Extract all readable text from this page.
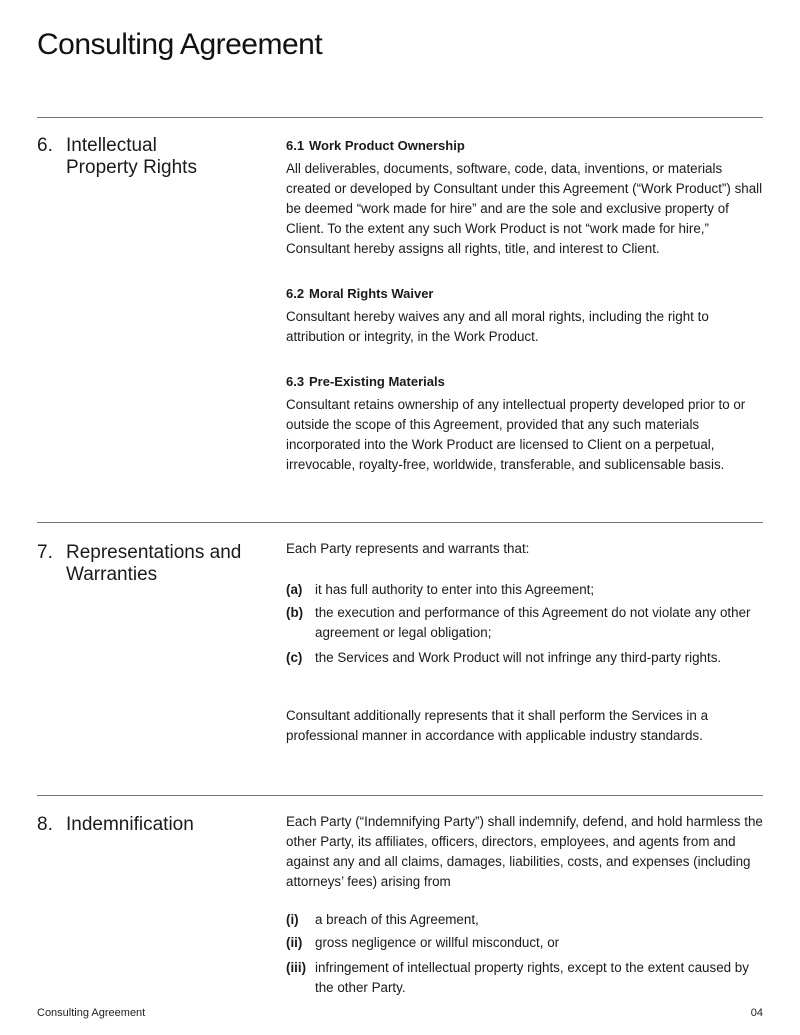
Consulting Agreement
6. Intellectual Property Rights
6.1 Work Product Ownership

All deliverables, documents, software, code, data, inventions, or materials created or developed by Consultant under this Agreement (“Work Product”) shall be deemed “work made for hire” and are the sole and exclusive property of Client. To the extent any such Work Product is not “work made for hire,” Consultant hereby assigns all rights, title, and interest to Client.

6.2 Moral Rights Waiver

Consultant hereby waives any and all moral rights, including the right to attribution or integrity, in the Work Product.

6.3 Pre-Existing Materials

Consultant retains ownership of any intellectual property developed prior to or outside the scope of this Agreement, provided that any such materials incorporated into the Work Product are licensed to Client on a perpetual, irrevocable, royalty-free, worldwide, transferable, and sublicensable basis.

7. Representations and Warranties

Each Party represents and warrants that:

(a) it has full authority to enter into this Agreement;
(b) the execution and performance of this Agreement do not violate any other agreement or legal obligation;
(c) the Services and Work Product will not infringe any third-party rights.

Consultant additionally represents that it shall perform the Services in a professional manner in accordance with applicable industry standards.

8. Indemnification	Each Party (“Indemnifying Party”) shall indemnify, defend, and hold harmless the other Party, its affiliates, officers, directors, employees, and agents from and against any and all claims, damages, liabilities, costs, and expenses (including attorneys’ fees) arising from

(i)	a breach of this Agreement,
(ii) gross negligence or willful misconduct, or
(iii) infringement of intellectual property rights, except to the extent caused by the other Party.
Consulting Agreement	04
